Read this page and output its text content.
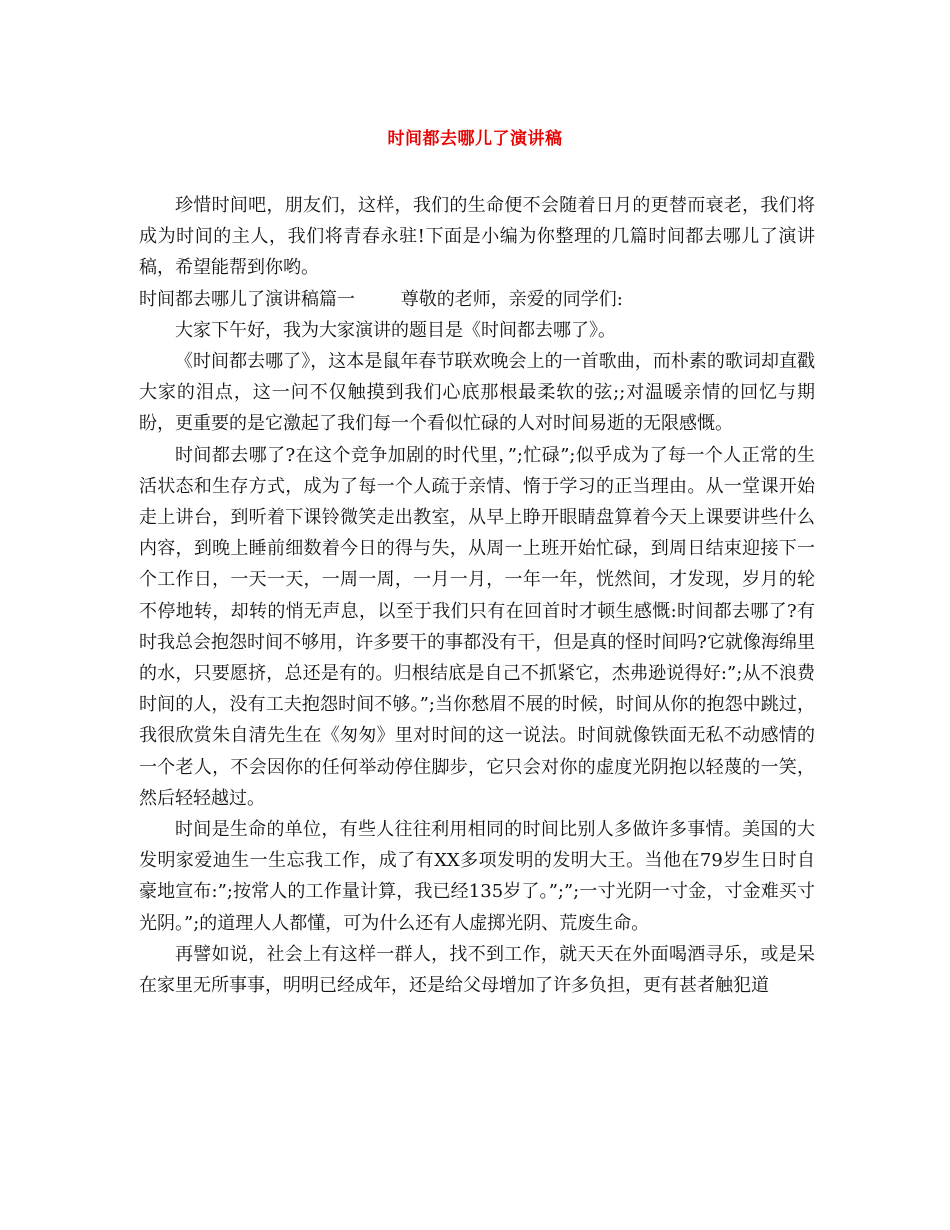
时间都去哪儿了演讲稿

珍惜时间吧，朋友们，这样，我们的生命便不会随着日月的更替而衰老，我们将成为时间的主人，我们将青春永驻!下面是小编为你整理的几篇时间都去哪儿了演讲稿，希望能帮到你哟。

时间都去哪儿了演讲稿篇一        尊敬的老师，亲爱的同学们:

大家下午好，我为大家演讲的题目是《时间都去哪了》。

《时间都去哪了》，这本是鼠年春节联欢晚会上的一首歌曲，而朴素的歌词却直戳大家的泪点，这一问不仅触摸到我们心底那根最柔软的弦;;对温暖亲情的回忆与期盼，更重要的是它激起了我们每一个看似忙碌的人对时间易逝的无限感慨。

时间都去哪了?在这个竞争加剧的时代里，”;忙碌”;似乎成为了每一个人正常的生活状态和生存方式，成为了每一个人疏于亲情、惰于学习的正当理由。从一堂课开始走上讲台，到听着下课铃微笑走出教室，从早上睁开眼睛盘算着今天上课要讲些什么内容，到晚上睡前细数着今日的得与失，从周一上班开始忙碌，到周日结束迎接下一个工作日，一天一天，一周一周，一月一月，一年一年，恍然间，才发现，岁月的轮不停地转，却转的悄无声息，以至于我们只有在回首时才顿生感慨:时间都去哪了?有时我总会抱怨时间不够用，许多要干的事都没有干，但是真的怪时间吗?它就像海绵里的水，只要愿挤，总还是有的。归根结底是自己不抓紧它，杰弗逊说得好:”;从不浪费时间的人，没有工夫抱怨时间不够。”;当你愁眉不展的时候，时间从你的抱怨中跳过，我很欣赏朱自清先生在《匆匆》里对时间的这一说法。时间就像铁面无私不动感情的一个老人，不会因你的任何举动停住脚步，它只会对你的虚度光阴抱以轻蔑的一笑，然后轻轻越过。

时间是生命的单位，有些人往往利用相同的时间比别人多做许多事情。美国的大发明家爱迪生一生忘我工作，成了有XX多项发明的发明大王。当他在79岁生日时自豪地宣布:”;按常人的工作量计算，我已经135岁了。”;”;一寸光阴一寸金，寸金难买寸光阴。”;的道理人人都懂，可为什么还有人虚掷光阴、荒废生命。

再譬如说，社会上有这样一群人，找不到工作，就天天在外面喝酒寻乐，或是呆在家里无所事事，明明已经成年，还是给父母增加了许多负担，更有甚者触犯道
